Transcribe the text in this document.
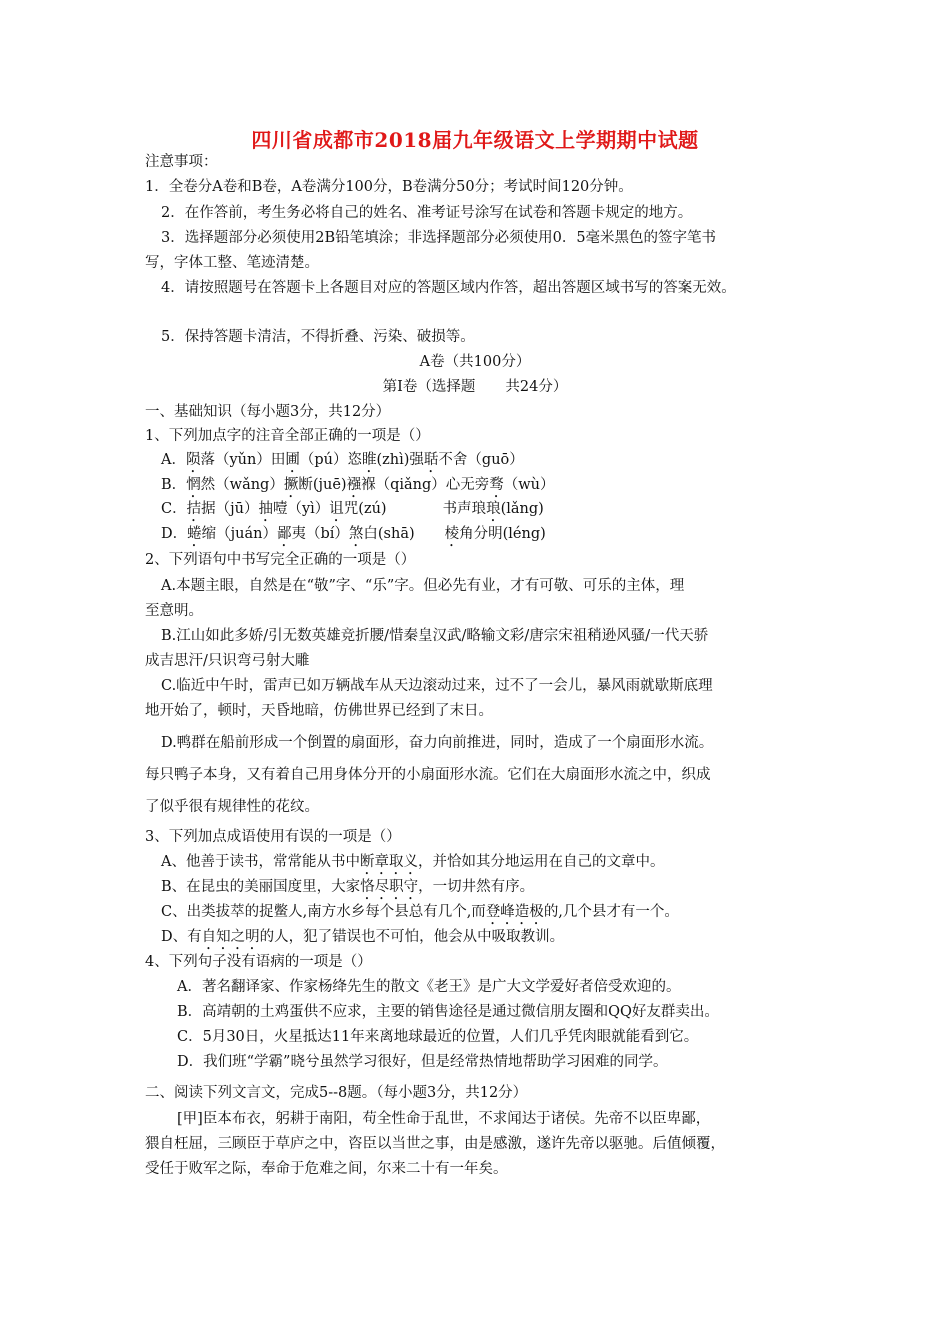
四川省成都市2018届九年级语文上学期期中试题
注意事项：
1．全卷分A卷和B卷，A卷满分100分，B卷满分50分；考试时间120分钟。
2．在作答前，考生务必将自己的姓名、准考证号涂写在试卷和答题卡规定的地方。
3．选择题部分必须使用2B铅笔填涂；非选择题部分必须使用0．5毫米黑色的签字笔书
写，字体工整、笔迹清楚。
4．请按照题号在答题卡上各题目对应的答题区域内作答，超出答题区域书写的答案无效。
5．保持答题卡清洁，不得折叠、污染、破损等。
A卷（共100分）
第Ⅰ卷（选择题 共24分）
一、基础知识（每小题3分，共12分）
1、下列加点字的注音全部正确的一项是（）
A．陨落（yǔn）田圃（pú）恣睢(zhì)强聒不舍（guō）
B．惘然（wǎng）撅断(juē)襁褓（qiǎng）心无旁骛（wù）
C．拮据（jū）抽噎（yì）诅咒(zú)	书声琅琅(lǎng)
D．蜷缩（juán）鄙夷（bí）煞白(shā) 棱角分明(léng)
2、下列语句中书写完全正确的一项是（）
A.本题主眼，自然是在“敬”字、“乐”字。但必先有业，才有可敬、可乐的主体，理
至意明。
B.江山如此多娇/引无数英雄竞折腰/惜秦皇汉武/略输文彩/唐宗宋祖稍逊风骚/一代天骄
成吉思汗/只识弯弓射大雕
C.临近中午时，雷声已如万辆战车从天边滚动过来，过不了一会儿，暴风雨就歇斯底理
地开始了，顿时，天昏地暗，仿佛世界已经到了末日。
D.鸭群在船前形成一个倒置的扇面形，奋力向前推进，同时，造成了一个扇面形水流。
每只鸭子本身，又有着自己用身体分开的小扇面形水流。它们在大扇面形水流之中，织成
了似乎很有规律性的花纹。
3、下列加点成语使用有误的一项是（）
A、他善于读书，常常能从书中断章取义，并恰如其分地运用在自己的文章中。
B、在昆虫的美丽国度里，大家恪尽职守，一切井然有序。
C、出类拔萃的捉鳖人,南方水乡每个县总有几个,而登峰造极的,几个县才有一个。
D、有自知之明的人，犯了错误也不可怕，他会从中吸取教训。
4、下列句子没有语病的一项是（）
A．著名翻译家、作家杨绛先生的散文《老王》是广大文学爱好者倍受欢迎的。
B．高靖朝的土鸡蛋供不应求，主要的销售途径是通过微信朋友圈和QQ好友群卖出。
C．5月30日，火星抵达11年来离地球最近的位置，人们几乎凭肉眼就能看到它。
D．我们班“学霸”晓兮虽然学习很好，但是经常热情地帮助学习困难的同学。
二、阅读下列文言文，完成5--8题。（每小题3分，共12分）
[甲]臣本布衣，躬耕于南阳，苟全性命于乱世，不求闻达于诸侯。先帝不以臣卑鄙，
猥自枉屈，三顾臣于草庐之中，咨臣以当世之事，由是感激，遂许先帝以驱驰。后值倾覆，
受任于败军之际，奉命于危难之间，尔来二十有一年矣。
